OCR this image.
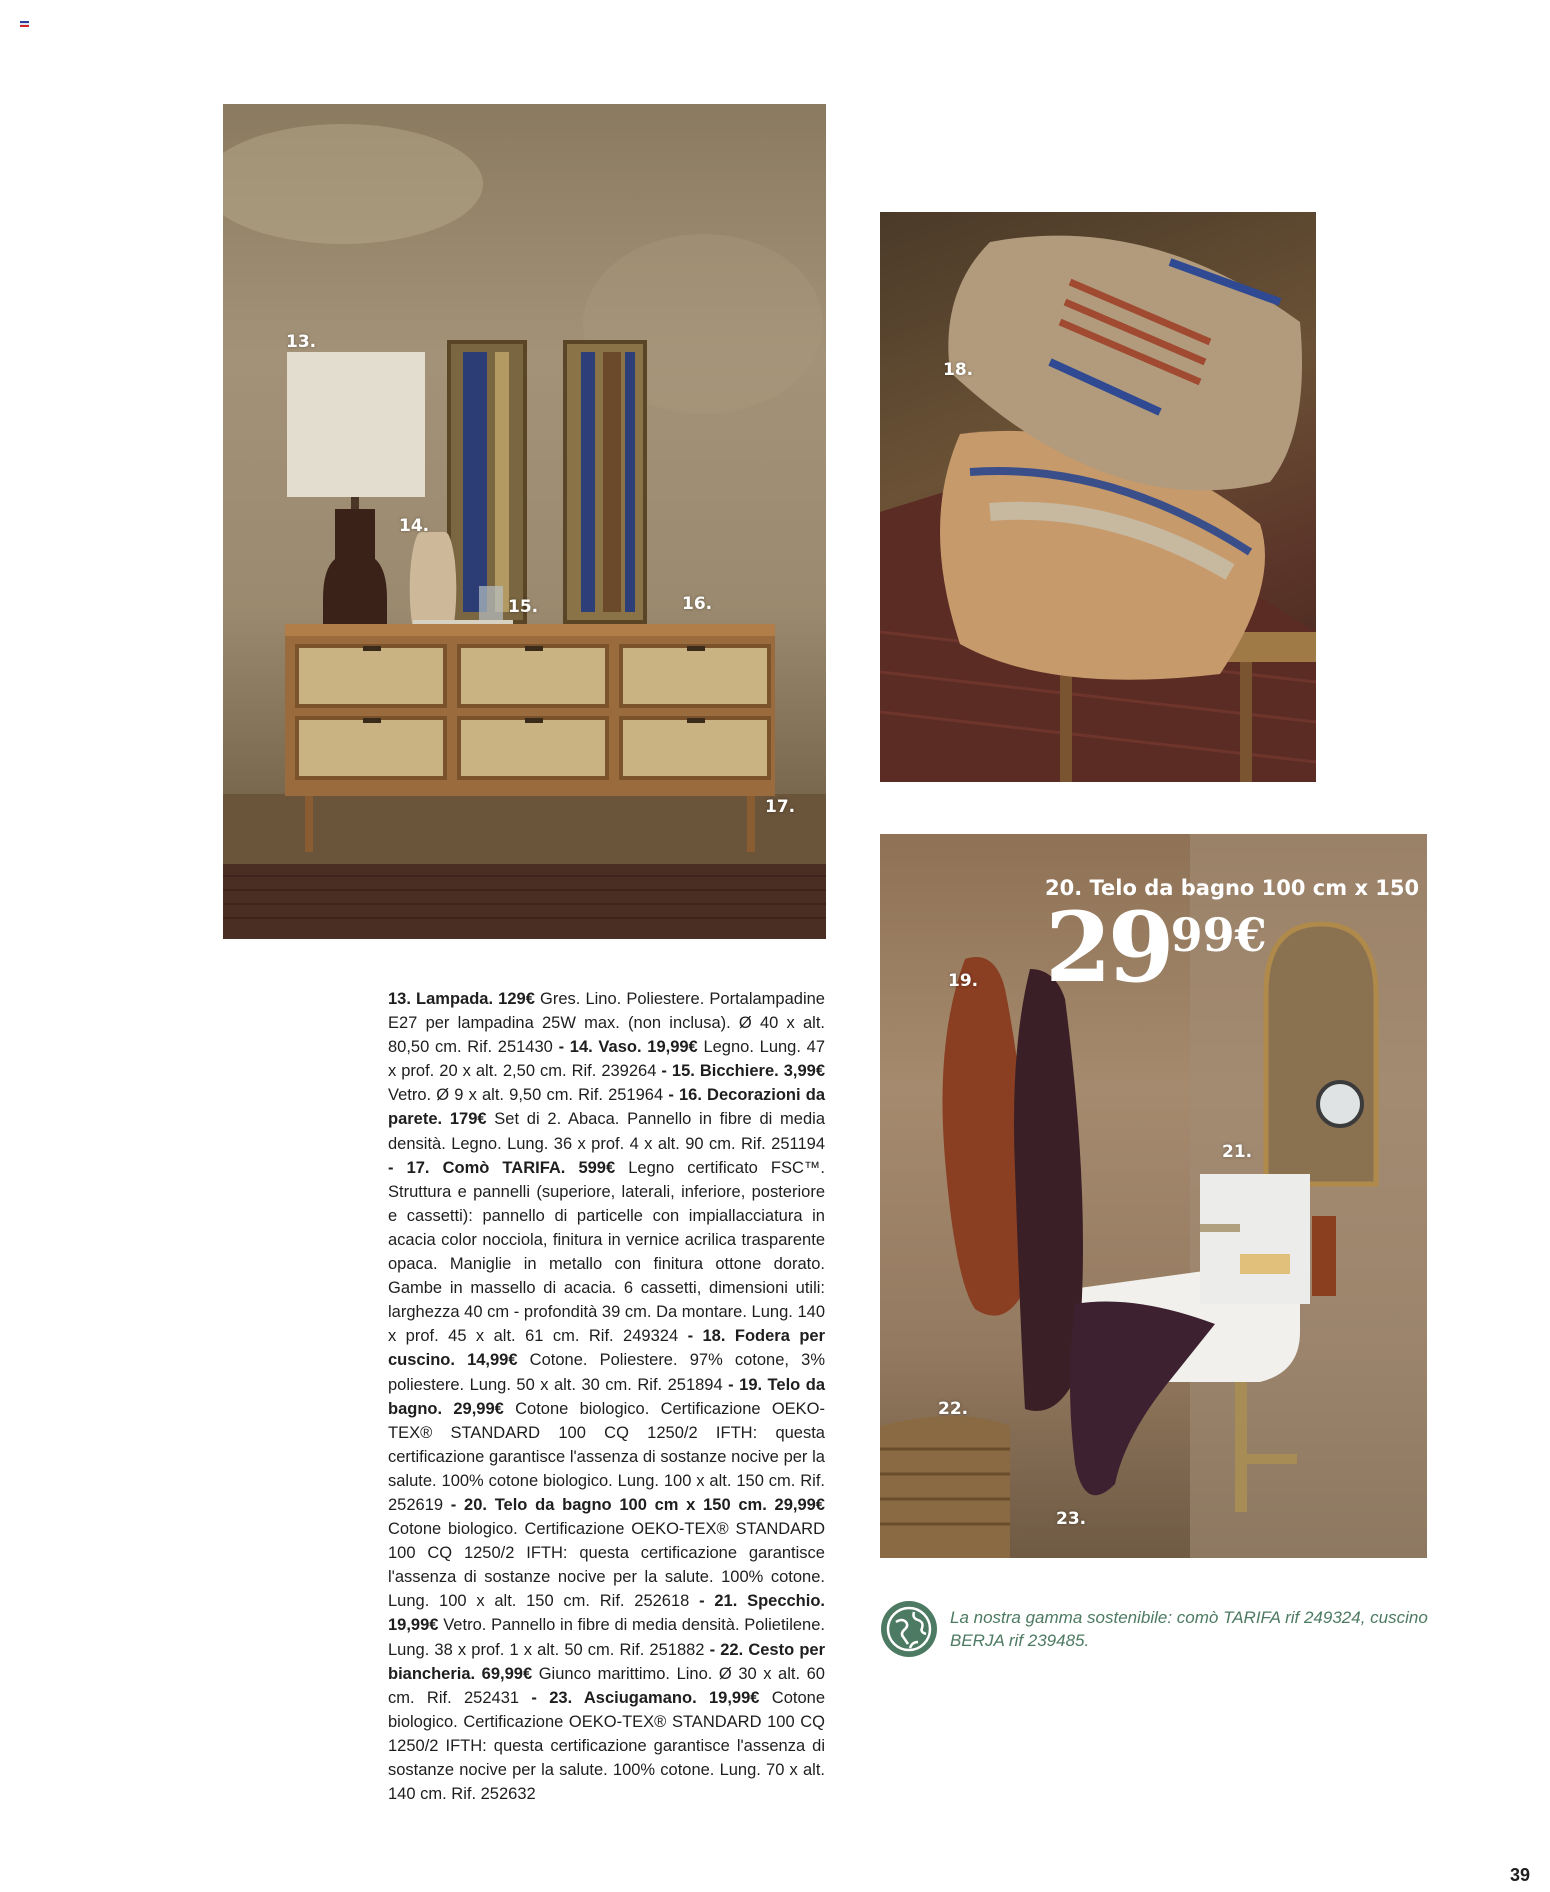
13.
14.
15.	16.
17.
18.
19.
21.
22.
23.
20. Telo da bagno 100 cm x 150 cm
2999€
13. Lampada. 129€ Gres. Lino. Poliestere. Portalampadine E27 per lampadina 25W max. (non inclusa). Ø 40 x alt. 80,50 cm. Rif. 251430 - 14. Vaso. 19,99€ Legno. Lung. 47 x prof. 20 x alt. 2,50 cm. Rif. 239264 - 15. Bicchiere. 3,99€ Vetro. Ø 9 x alt. 9,50 cm. Rif. 251964 - 16. Decorazioni da parete. 179€ Set di 2. Abaca. Pannello in fibre di media densità. Legno. Lung. 36 x prof. 4 x alt. 90 cm. Rif. 251194 - 17. Comò TARIFA. 599€ Legno certificato FSC™. Struttura e pannelli (superiore, laterali, inferiore, posteriore e cassetti): pannello di particelle con impiallacciatura in acacia color nocciola, finitura in vernice acrilica trasparente opaca. Maniglie in metallo con finitura ottone dorato. Gambe in massello di acacia. 6 cassetti, dimensioni utili: larghezza 40 cm - profondità 39 cm. Da montare. Lung. 140 x prof. 45 x alt. 61 cm. Rif. 249324 - 18. Fodera per cuscino. 14,99€ Cotone. Poliestere. 97% cotone, 3% poliestere. Lung. 50 x alt. 30 cm. Rif. 251894 - 19. Telo da bagno. 29,99€ Cotone biologico. Certificazione OEKO-TEX® STANDARD 100 CQ 1250/2 IFTH: questa certificazione garantisce l'assenza di sostanze nocive per la salute. 100% cotone biologico. Lung. 100 x alt. 150 cm. Rif. 252619 - 20. Telo da bagno 100 cm x 150 cm. 29,99€ Cotone biologico. Certificazione OEKO-TEX® STANDARD 100 CQ 1250/2 IFTH: questa certificazione garantisce l'assenza di sostanze nocive per la salute. 100% cotone. Lung. 100 x alt. 150 cm. Rif. 252618 - 21. Specchio. 19,99€ Vetro. Pannello in fibre di media densità. Polietilene. Lung. 38 x prof. 1 x alt. 50 cm. Rif. 251882 - 22. Cesto per biancheria. 69,99€ Giunco marittimo. Lino. Ø 30 x alt. 60 cm. Rif. 252431 - 23. Asciugamano. 19,99€ Cotone biologico. Certificazione OEKO-TEX® STANDARD 100 CQ 1250/2 IFTH: questa certificazione garantisce l'assenza di sostanze nocive per la salute. 100% cotone. Lung. 70 x alt. 140 cm. Rif. 252632
La nostra gamma sostenibile: comò TARIFA rif 249324, cuscino BERJA rif 239485.
39
